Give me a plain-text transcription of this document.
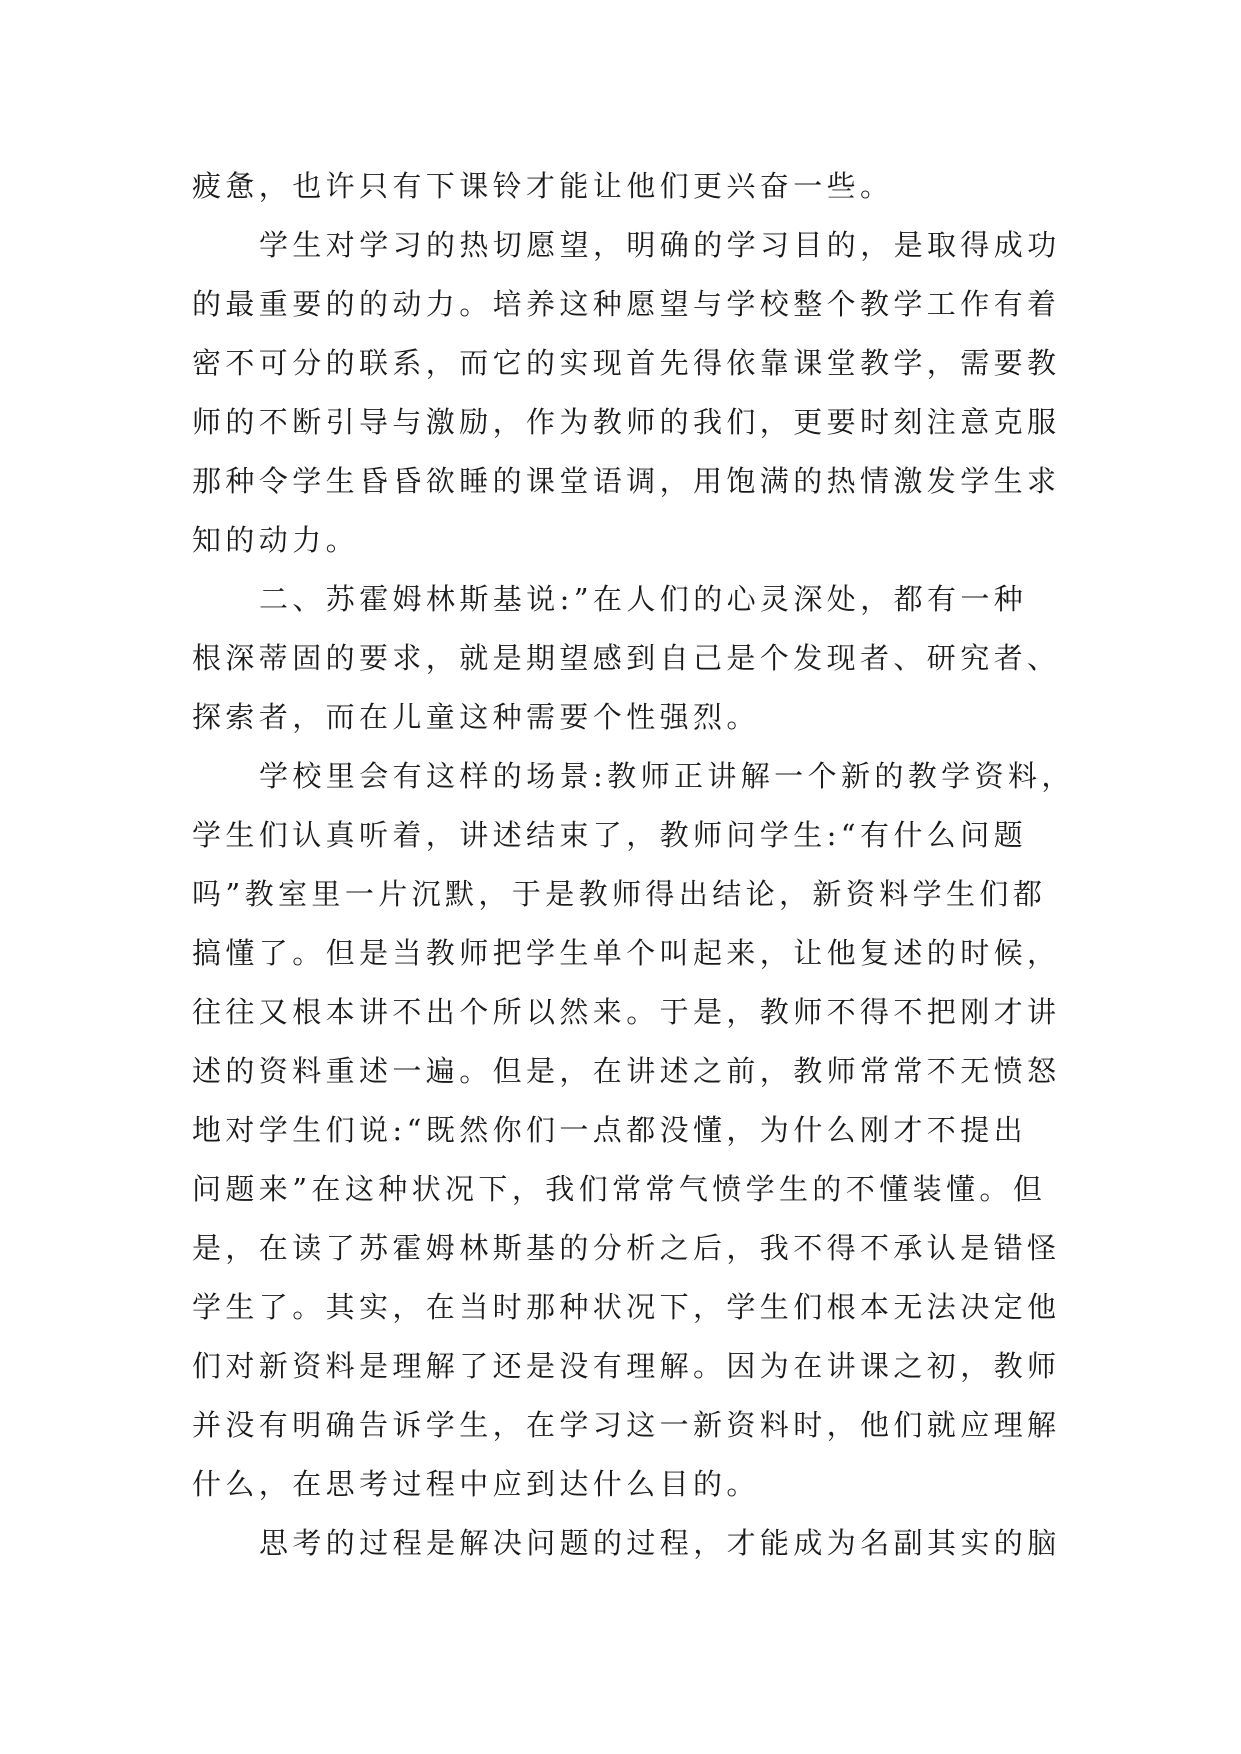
疲惫，也许只有下课铃才能让他们更兴奋一些。
学生对学习的热切愿望，明确的学习目的，是取得成功
的最重要的的动力。培养这种愿望与学校整个教学工作有着
密不可分的联系，而它的实现首先得依靠课堂教学，需要教
师的不断引导与激励，作为教师的我们，更要时刻注意克服
那种令学生昏昏欲睡的课堂语调，用饱满的热情激发学生求
知的动力。
二、苏霍姆林斯基说:”在人们的心灵深处，都有一种
根深蒂固的要求，就是期望感到自己是个发现者、研究者、
探索者，而在儿童这种需要个性强烈。
学校里会有这样的场景:教师正讲解一个新的教学资料，
学生们认真听着，讲述结束了，教师问学生:“有什么问题
吗”教室里一片沉默，于是教师得出结论，新资料学生们都
搞懂了。但是当教师把学生单个叫起来，让他复述的时候，
往往又根本讲不出个所以然来。于是，教师不得不把刚才讲
述的资料重述一遍。但是，在讲述之前，教师常常不无愤怒
地对学生们说:“既然你们一点都没懂，为什么刚才不提出
问题来”在这种状况下，我们常常气愤学生的不懂装懂。但
是，在读了苏霍姆林斯基的分析之后，我不得不承认是错怪
学生了。其实，在当时那种状况下，学生们根本无法决定他
们对新资料是理解了还是没有理解。因为在讲课之初，教师
并没有明确告诉学生，在学习这一新资料时，他们就应理解
什么，在思考过程中应到达什么目的。
思考的过程是解决问题的过程，才能成为名副其实的脑
